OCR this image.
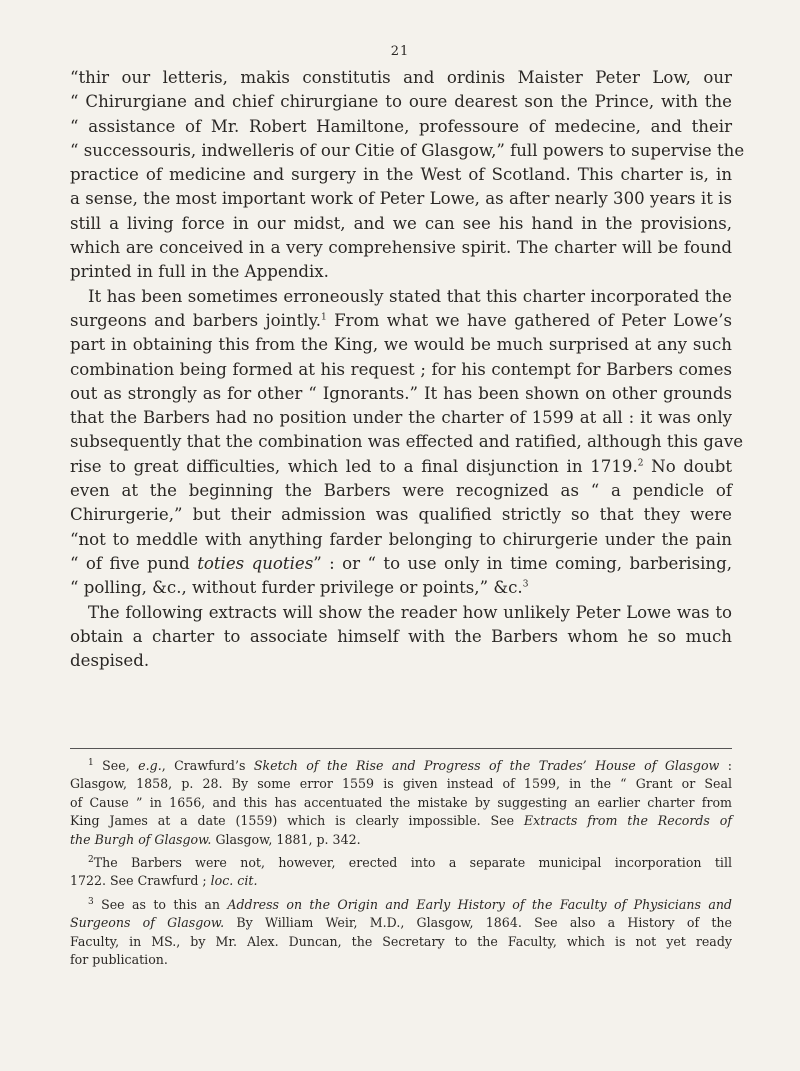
21
“thir our letteris, makis constitutis and ordinis Maister Peter Low, our
“ Chirurgiane and chief chirurgiane to oure dearest son the Prince, with the
“ assistance of Mr. Robert Hamiltone, professoure of medecine, and their
“ successouris, indwelleris of our Citie of Glasgow,” full powers to supervise the
practice of medicine and surgery in the West of Scotland. This charter is, in
a sense, the most important work of Peter Lowe, as after nearly 300 years it is
still a living force in our midst, and we can see his hand in the provisions,
which are conceived in a very comprehensive spirit. The charter will be found
printed in full in the Appendix.
It has been sometimes erroneously stated that this charter incorporated the
surgeons and barbers jointly.$^1$ From what we have gathered of Peter Lowe’s
part in obtaining this from the King, we would be much surprised at any such
combination being formed at his request ; for his contempt for Barbers comes
out as strongly as for other “ Ignorants.” It has been shown on other grounds
that the Barbers had no position under the charter of 1599 at all : it was only
subsequently that the combination was effected and ratified, although this gave
rise to great difficulties, which led to a final disjunction in 1719.$^2$ No doubt
even at the beginning the Barbers were recognized as “ a pendicle of
Chirurgerie,” but their admission was qualified strictly so that they were
“not to meddle with anything farder belonging to chirurgerie under the pain
“ of five pund toties quoties” : or “ to use only in time coming, barberising,
“ polling, &c., without furder privilege or points,” &c.$^3$
The following extracts will show the reader how unlikely Peter Lowe was to
obtain a charter to associate himself with the Barbers whom he so much
despised.
$^1$ See, e.g., Crawfurd’s Sketch of the Rise and Progress of the Trades’ House of Glasgow :
Glasgow, 1858, p. 28. By some error 1559 is given instead of 1599, in the “ Grant or Seal
of Cause ” in 1656, and this has accentuated the mistake by suggesting an earlier charter from
King James at a date (1559) which is clearly impossible. See Extracts from the Records of
the Burgh of Glasgow. Glasgow, 1881, p. 342.
$^2$The Barbers were not, however, erected into a separate municipal incorporation till
1722. See Crawfurd ; loc. cit.
$^3$ See as to this an Address on the Origin and Early History of the Faculty of Physicians and
Surgeons of Glasgow. By William Weir, M.D., Glasgow, 1864. See also a History of the
Faculty, in MS., by Mr. Alex. Duncan, the Secretary to the Faculty, which is not yet ready
for publication.
